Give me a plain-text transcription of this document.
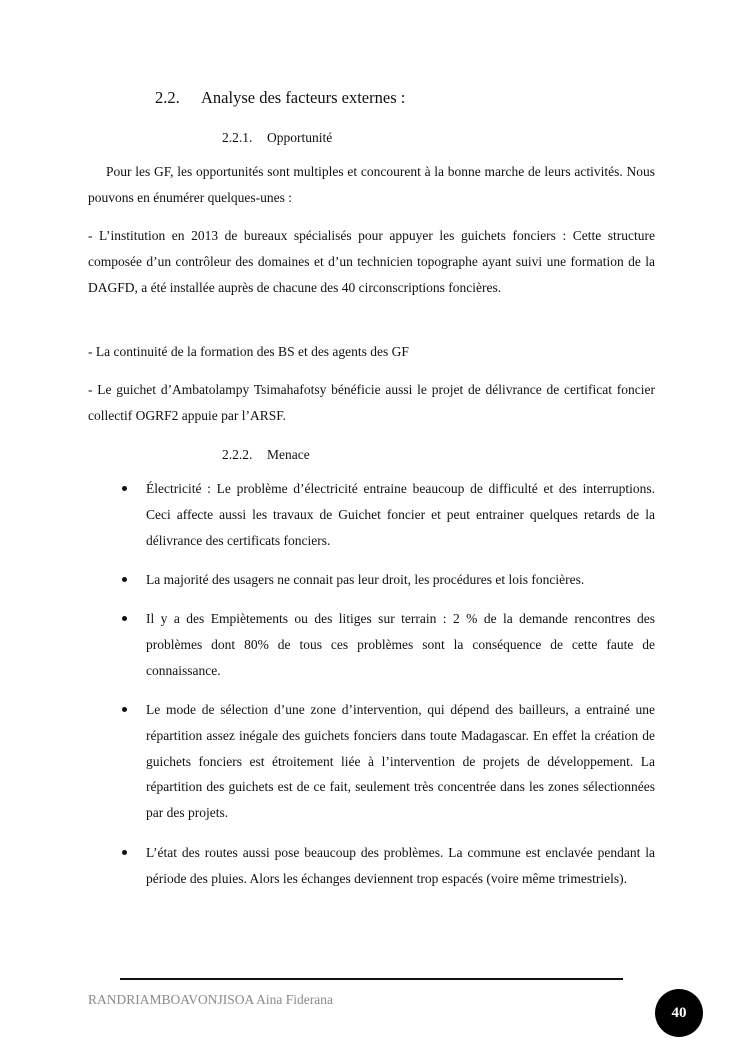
2.2. Analyse des facteurs externes :
2.2.1. Opportunité

Pour les GF, les opportunités sont multiples et concourent à la bonne marche de leurs activités. Nous pouvons en énumérer quelques-unes :

- L’institution en 2013 de bureaux spécialisés pour appuyer les guichets fonciers : Cette structure composée d’un contrôleur des domaines et d’un technicien topographe ayant suivi une formation de la DAGFD, a été installée auprès de chacune des 40 circonscriptions foncières.

- La continuité de la formation des BS et des agents des GF

- Le guichet d’Ambatolampy Tsimahafotsy bénéficie aussi le projet de délivrance de certificat foncier collectif OGRF2 appuie par l’ARSF.

2.2.2. Menace
Électricité : Le problème d’électricité entraine beaucoup de difficulté et des interruptions. Ceci affecte aussi les travaux de Guichet foncier et peut entrainer quelques retards de la délivrance des certificats fonciers.
La majorité des usagers ne connait pas leur droit, les procédures et lois foncières.
Il y a des Empiètements ou des litiges sur terrain : 2 % de la demande rencontres des problèmes dont 80% de tous ces problèmes sont la conséquence de cette faute de connaissance.
Le mode de sélection d’une zone d’intervention, qui dépend des bailleurs, a entrainé une répartition assez inégale des guichets fonciers dans toute Madagascar. En effet la création de guichets fonciers est étroitement liée à l’intervention de projets de développement. La répartition des guichets est de ce fait, seulement très concentrée dans les zones sélectionnées par des projets.
L’état des routes aussi pose beaucoup des problèmes. La commune est enclavée pendant la période des pluies. Alors les échanges deviennent trop espacés (voire même trimestriels).
RANDRIAMBOAVONJISOA Aina Fiderana
40
